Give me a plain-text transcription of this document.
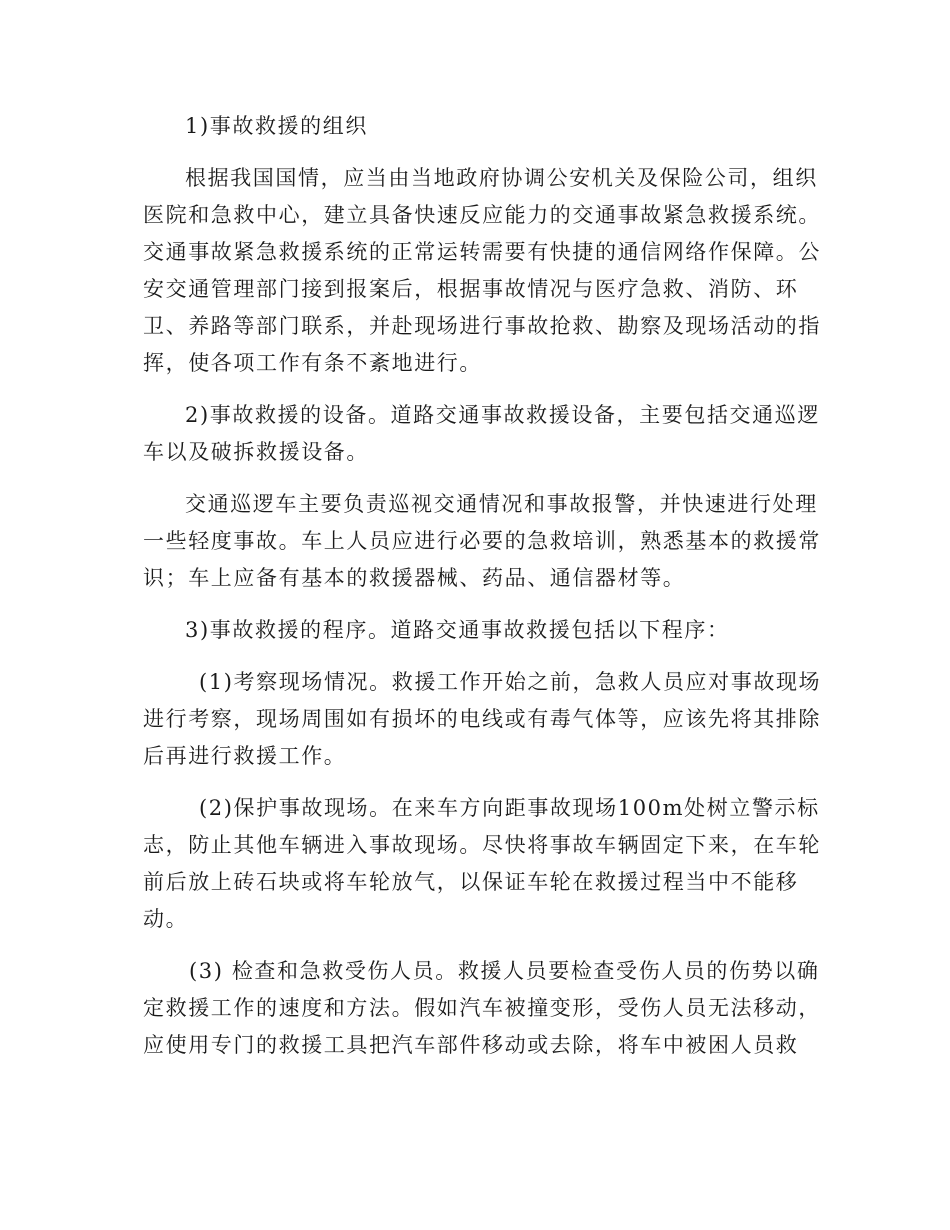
1)事故救援的组织

根据我国国情，应当由当地政府协调公安机关及保险公司，组织
医院和急救中心，建立具备快速反应能力的交通事故紧急救援系统。
交通事故紧急救援系统的正常运转需要有快捷的通信网络作保障。公
安交通管理部门接到报案后，根据事故情况与医疗急救、消防、环
卫、养路等部门联系，并赴现场进行事故抢救、勘察及现场活动的指
挥，使各项工作有条不紊地进行。

2)事故救援的设备。道路交通事故救援设备，主要包括交通巡逻
车以及破拆救援设备。

交通巡逻车主要负责巡视交通情况和事故报警，并快速进行处理
一些轻度事故。车上人员应进行必要的急救培训，熟悉基本的救援常
识；车上应备有基本的救援器械、药品、通信器材等。

3)事故救援的程序。道路交通事故救援包括以下程序：

(1)考察现场情况。救援工作开始之前，急救人员应对事故现场
进行考察，现场周围如有损坏的电线或有毒气体等，应该先将其排除
后再进行救援工作。

(2)保护事故现场。在来车方向距事故现场100m处树立警示标
志，防止其他车辆进入事故现场。尽快将事故车辆固定下来，在车轮
前后放上砖石块或将车轮放气，以保证车轮在救援过程当中不能移
动。

(3) 检查和急救受伤人员。救援人员要检查受伤人员的伤势以确
定救援工作的速度和方法。假如汽车被撞变形，受伤人员无法移动，
应使用专门的救援工具把汽车部件移动或去除，将车中被困人员救
